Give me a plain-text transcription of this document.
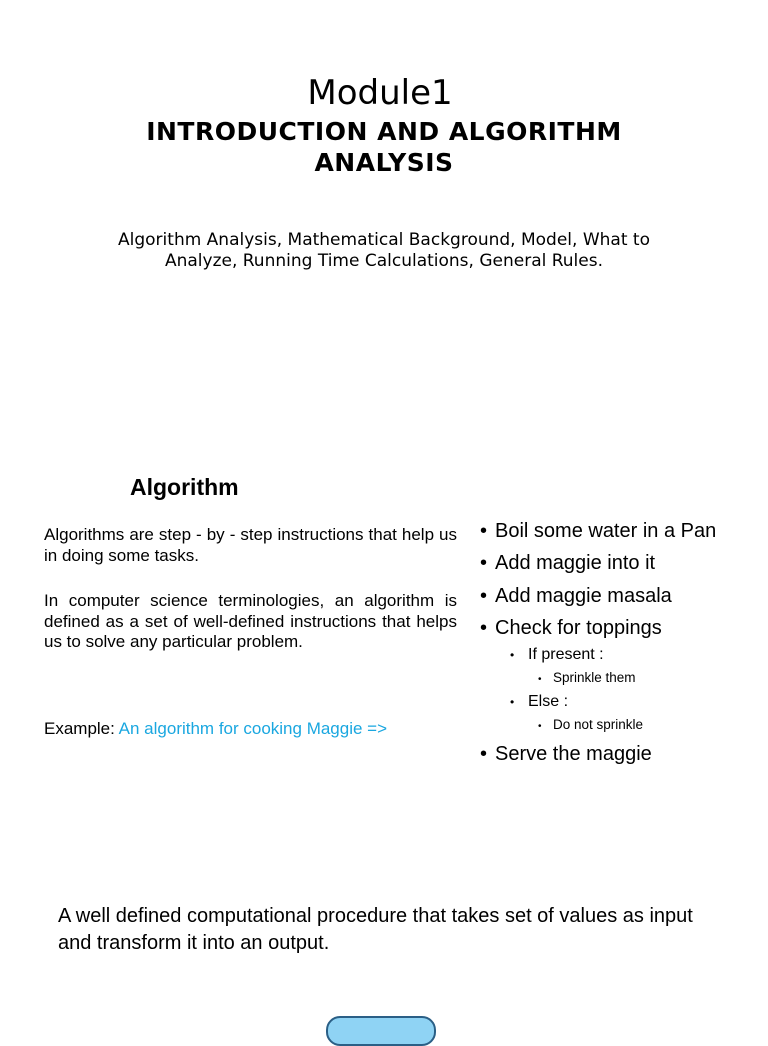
Module1
INTRODUCTION AND ALGORITHM ANALYSIS
Algorithm Analysis, Mathematical Background, Model, What to Analyze, Running Time Calculations, General Rules.
Algorithm
Algorithms are step - by - step instructions that help us in doing some tasks.
In computer science terminologies, an algorithm is defined as a set of well-defined instructions that helps us to solve any particular problem.
Example: An algorithm for cooking Maggie =>
• Boil some water in a Pan
• Add maggie into it
• Add maggie masala
• Check for toppings
• If present :
• Sprinkle them
• Else :
• Do not sprinkle
• Serve the maggie
A well defined computational procedure that takes set of values as input and transform it into an output.
